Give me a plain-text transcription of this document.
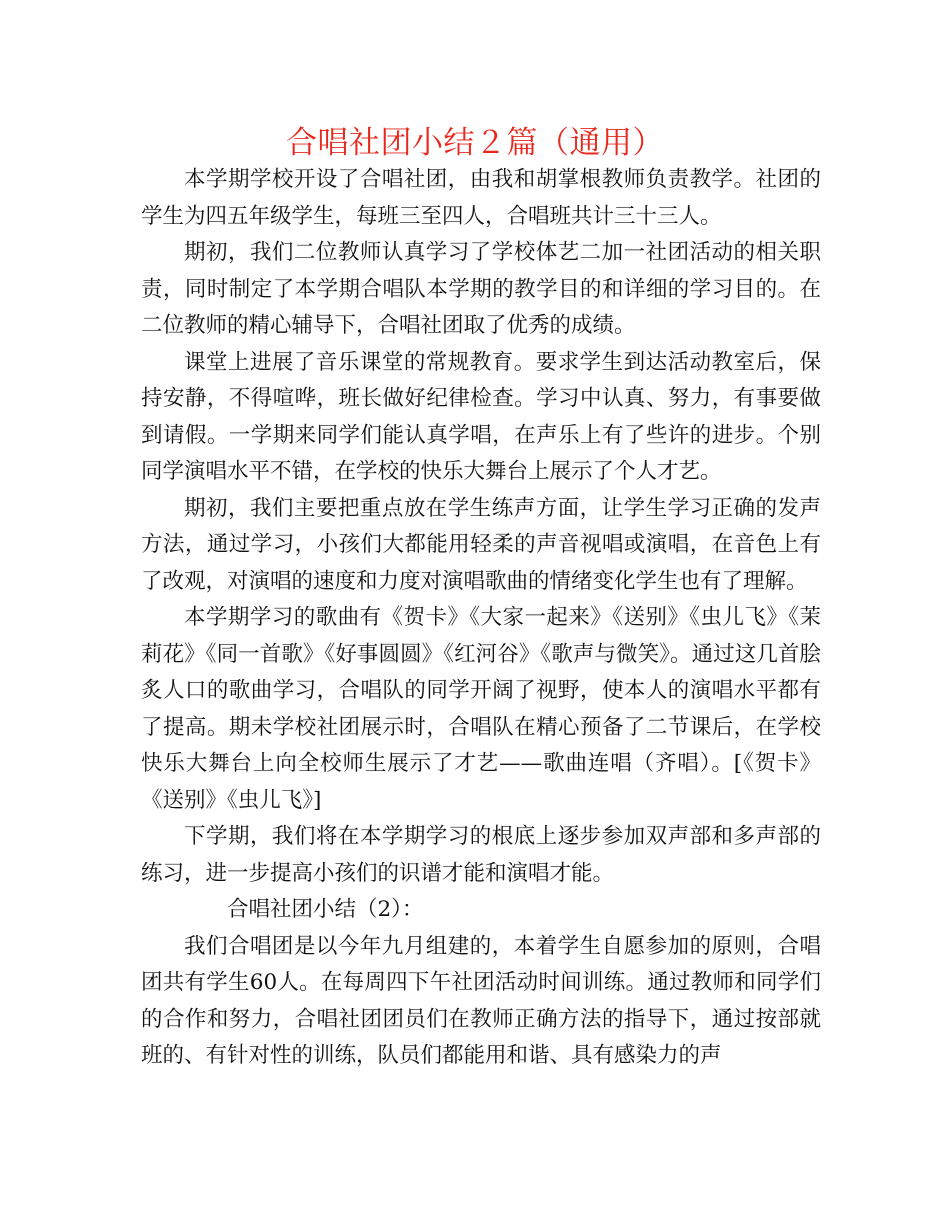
合唱社团小结２篇（通用）

本学期学校开设了合唱社团，由我和胡掌根教师负责教学。社团的学生为四五年级学生，每班三至四人，合唱班共计三十三人。

期初，我们二位教师认真学习了学校体艺二加一社团活动的相关职责，同时制定了本学期合唱队本学期的教学目的和详细的学习目的。在二位教师的精心辅导下，合唱社团取了优秀的成绩。

课堂上进展了音乐课堂的常规教育。要求学生到达活动教室后，保持安静，不得喧哗，班长做好纪律检查。学习中认真、努力，有事要做到请假。一学期来同学们能认真学唱，在声乐上有了些许的进步。个别同学演唱水平不错，在学校的快乐大舞台上展示了个人才艺。

期初，我们主要把重点放在学生练声方面，让学生学习正确的发声方法，通过学习，小孩们大都能用轻柔的声音视唱或演唱，在音色上有了改观，对演唱的速度和力度对演唱歌曲的情绪变化学生也有了理解。

本学期学习的歌曲有《贺卡》《大家一起来》《送别》《虫儿飞》《茉莉花》《同一首歌》《好事圆圆》《红河谷》《歌声与微笑》。通过这几首脍炙人口的歌曲学习，合唱队的同学开阔了视野，使本人的演唱水平都有了提高。期未学校社团展示时，合唱队在精心预备了二节课后，在学校快乐大舞台上向全校师生展示了才艺——歌曲连唱（齐唱）。[《贺卡》《送别》《虫儿飞》]

下学期，我们将在本学期学习的根底上逐步参加双声部和多声部的练习，进一步提高小孩们的识谱才能和演唱才能。

合唱社团小结（2）：

我们合唱团是以今年九月组建的，本着学生自愿参加的原则，合唱团共有学生60人。在每周四下午社团活动时间训练。通过教师和同学们的合作和努力，合唱社团团员们在教师正确方法的指导下，通过按部就班的、有针对性的训练，队员们都能用和谐、具有感染力的声
